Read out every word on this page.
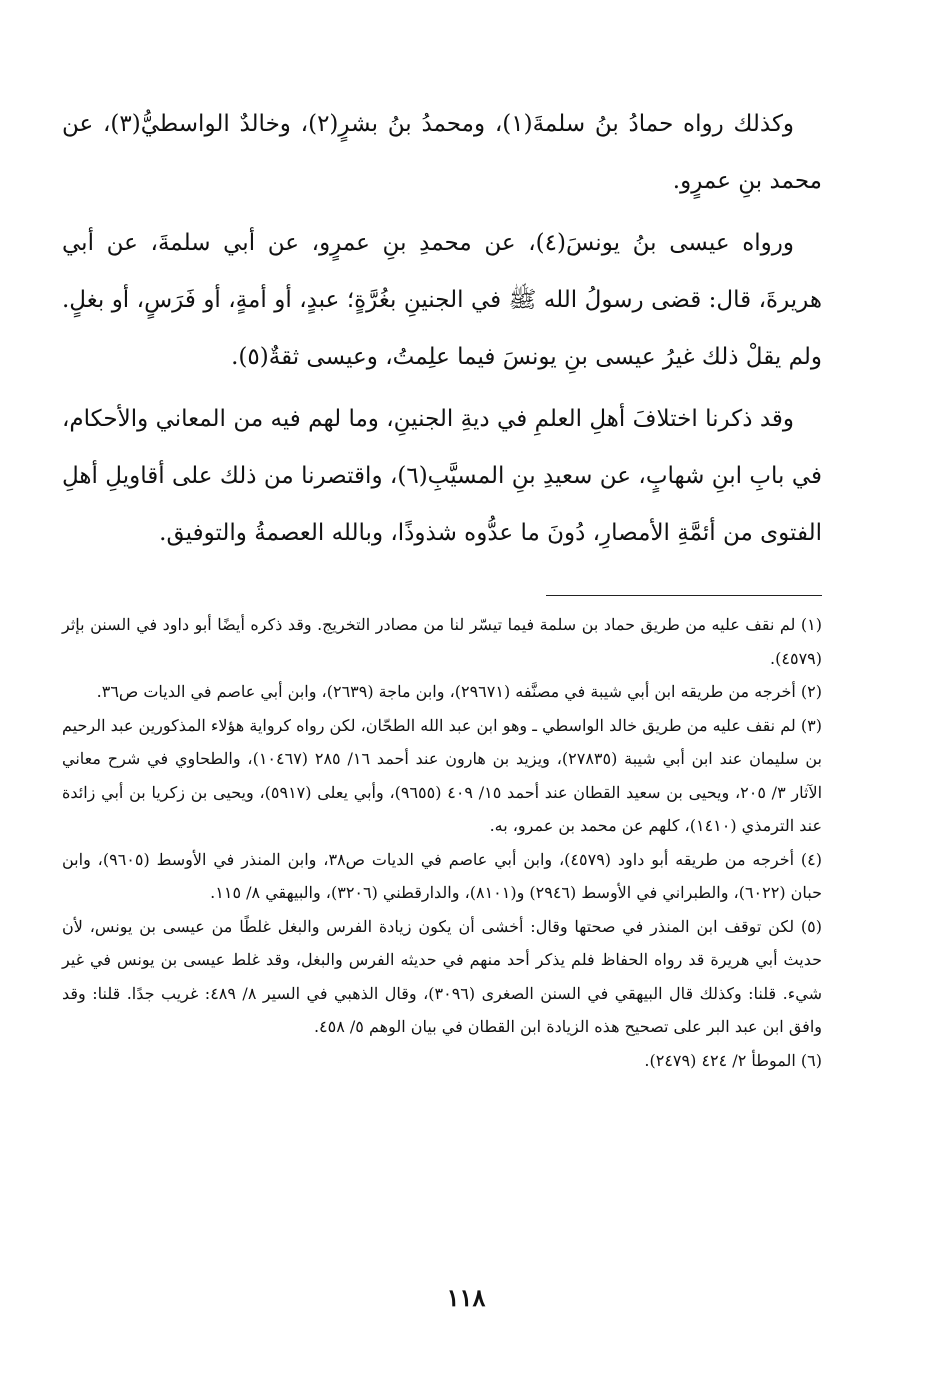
وكذلك رواه حمادُ بنُ سلمةَ(١)، ومحمدُ بنُ بشرٍ(٢)، وخالدٌ الواسطيُّ(٣)، عن محمد بنِ عمرٍو.

ورواه عيسى بنُ يونسَ(٤)، عن محمدِ بنِ عمرٍو، عن أبي سلمةَ، عن أبي هريرةَ، قال: قضى رسولُ الله ﷺ في الجنينِ بغُرَّةٍ؛ عبدٍ، أو أمةٍ، أو فَرَسٍ، أو بغلٍ. ولم يقلْ ذلك غيرُ عيسى بنِ يونسَ فيما علِمتُ، وعيسى ثقةٌ(٥).

وقد ذكرنا اختلافَ أهلِ العلمِ في ديةِ الجنينِ، وما لهم فيه من المعاني والأحكام، في بابِ ابنِ شهابٍ، عن سعيدِ بنِ المسيَّبِ(٦)، واقتصرنا من ذلك على أقاويلِ أهلِ الفتوى من أئمَّةِ الأمصارِ، دُونَ ما عدُّوه شذوذًا، وبالله العصمةُ والتوفيق.

(١) لم نقف عليه من طريق حماد بن سلمة فيما تيسّر لنا من مصادر التخريج. وقد ذكره أيضًا أبو داود في السنن بإثر (٤٥٧٩).

(٢) أخرجه من طريقه ابن أبي شيبة في مصنَّفه (٢٩٦٧١)، وابن ماجة (٢٦٣٩)، وابن أبي عاصم في الديات ص٣٦.

(٣) لم نقف عليه من طريق خالد الواسطي ـ وهو ابن عبد الله الطحّان، لكن رواه كرواية هؤلاء المذكورين عبد الرحيم بن سليمان عند ابن أبي شيبة (٢٧٨٣٥)، ويزيد بن هارون عند أحمد ١٦/ ٢٨٥ (١٠٤٦٧)، والطحاوي في شرح معاني الآثار ٣/ ٢٠٥، ويحيى بن سعيد القطان عند أحمد ١٥/ ٤٠٩ (٩٦٥٥)، وأبي يعلى (٥٩١٧)، ويحيى بن زكريا بن أبي زائدة عند الترمذي (١٤١٠)، كلهم عن محمد بن عمرو، به.

(٤) أخرجه من طريقه أبو داود (٤٥٧٩)، وابن أبي عاصم في الديات ص٣٨، وابن المنذر في الأوسط (٩٦٠٥)، وابن حبان (٦٠٢٢)، والطبراني في الأوسط (٢٩٤٦) و(٨١٠١)، والدارقطني (٣٢٠٦)، والبيهقي ٨/ ١١٥.

(٥) لكن توقف ابن المنذر في صحتها وقال: أخشى أن يكون زيادة الفرس والبغل غلطًا من عيسى بن يونس، لأن حديث أبي هريرة قد رواه الحفاظ فلم يذكر أحد منهم في حديثه الفرس والبغل، وقد غلط عيسى بن يونس في غير شيء. قلنا: وكذلك قال البيهقي في السنن الصغرى (٣٠٩٦)، وقال الذهبي في السير ٨/ ٤٨٩: غريب جدًا. قلنا: وقد وافق ابن عبد البر على تصحيح هذه الزيادة ابن القطان في بيان الوهم ٥/ ٤٥٨.

(٦) الموطأ ٢/ ٤٢٤ (٢٤٧٩).

١١٨
